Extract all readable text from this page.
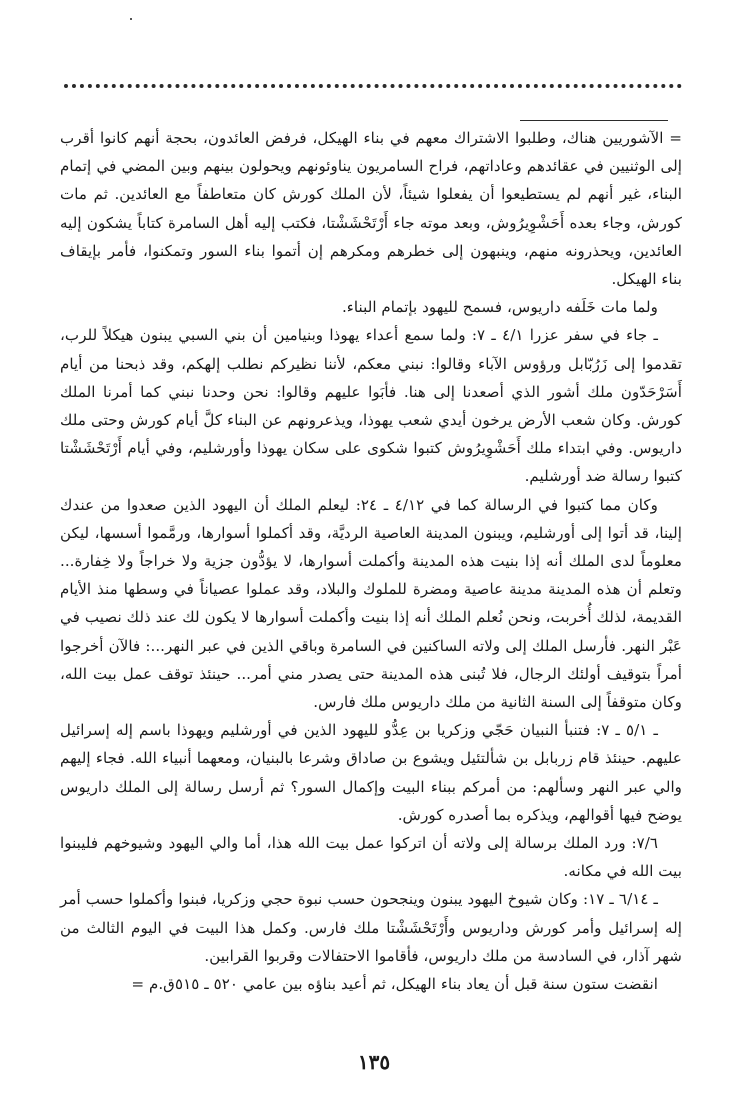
= الآشوريين هناك، وطلبوا الاشتراك معهم في بناء الهيكل، فرفض العائدون، بحجة أنهم كانوا أقرب إلى الوثنيين في عقائدهم وعاداتهم، فراح السامريون يناوئونهم ويحولون بينهم وبين المضي في إتمام البناء، غير أنهم لم يستطيعوا أن يفعلوا شيئاً، لأن الملك كورش كان متعاطفاً مع العائدين. ثم مات كورش، وجاء بعده أَحَشْوِيرُوش، وبعد موته جاء أَرْتَحْشَشْتا، فكتب إليه أهل السامرة كتاباً يشكون إليه العائدين، ويحذرونه منهم، وينبهون إلى خطرهم ومكرهم إن أتموا بناء السور وتمكنوا، فأمر بإيقاف بناء الهيكل.

ولما مات خَلَفه داريوس، فسمح لليهود بإتمام البناء.

ـ جاء في سفر عزرا ٤/١ ـ ٧: ولما سمع أعداء يهوذا وبنيامين أن بني السبي يبنون هيكلاً للرب، تقدموا إلى زَرُبّابل ورؤوس الآباء وقالوا: نبني معكم، لأننا نظيركم نطلب إلهكم، وقد ذبحنا من أيام أَسَرْحَدّون ملك أشور الذي أصعدنا إلى هنا. فأبَوا عليهم وقالوا: نحن وحدنا نبني كما أمرنا الملك كورش. وكان شعب الأرض يرخون أيدي شعب يهوذا، ويذعرونهم عن البناء كلَّ أيام كورش وحتى ملك داريوس. وفي ابتداء ملك أَحَشْوِيرُوش كتبوا شكوى على سكان يهوذا وأورشليم، وفي أيام أَرْتَحْشَشْتا كتبوا رسالة ضد أورشليم.

وكان مما كتبوا في الرسالة كما في ٤/١٢ ـ ٢٤: ليعلم الملك أن اليهود الذين صعدوا من عندك إلينا، قد أتوا إلى أورشليم، ويبنون المدينة العاصية الرديَّة، وقد أكملوا أسوارها، ورمَّموا أسسها، ليكن معلوماً لدى الملك أنه إذا بنيت هذه المدينة وأكملت أسوارها، لا يؤدُّون جزية ولا خراجاً ولا خِفارة... وتعلم أن هذه المدينة مدينة عاصية ومضرة للملوك والبلاد، وقد عملوا عصياناً في وسطها منذ الأيام القديمة، لذلك أُخربت، ونحن نُعلم الملك أنه إذا بنيت وأكملت أسوارها لا يكون لك عند ذلك نصيب في عَبْر النهر. فأرسل الملك إلى ولاته الساكنين في السامرة وباقي الذين في عبر النهر...: فالآن أخرجوا أمراً بتوقيف أولئك الرجال، فلا تُبنى هذه المدينة حتى يصدر مني أمر... حينئذ توقف عمل بيت الله، وكان متوقفاً إلى السنة الثانية من ملك داريوس ملك فارس.

ـ ٥/١ ـ ٧: فتنبأ النبيان حَجّي وزكريا بن عِدُّو لليهود الذين في أورشليم ويهوذا باسم إله إسرائيل عليهم. حينئذ قام زربابل بن شألتئيل ويشوع بن صاداق وشرعا بالبنيان، ومعهما أنبياء الله. فجاء إليهم والي عبر النهر وسألهم: من أمركم ببناء البيت وإكمال السور؟ ثم أرسل رسالة إلى الملك داريوس يوضح فيها أقوالهم، ويذكره بما أصدره كورش.

٧/٦: ورد الملك برسالة إلى ولاته أن اتركوا عمل بيت الله هذا، أما والي اليهود وشيوخهم فليبنوا بيت الله في مكانه.

ـ ٦/١٤ ـ ١٧: وكان شيوخ اليهود يبنون وينجحون حسب نبوة حجي وزكريا، فبنوا وأكملوا حسب أمر إله إسرائيل وأمر كورش وداريوس وأَرْتَحْشَشْتا ملك فارس. وكمل هذا البيت في اليوم الثالث من شهر آذار، في السادسة من ملك داريوس، فأقاموا الاحتفالات وقربوا القرابين.

انقضت ستون سنة قبل أن يعاد بناء الهيكل، ثم أعيد بناؤه بين عامي ٥٢٠ ـ ٥١٥ق.م =

١٣٥
